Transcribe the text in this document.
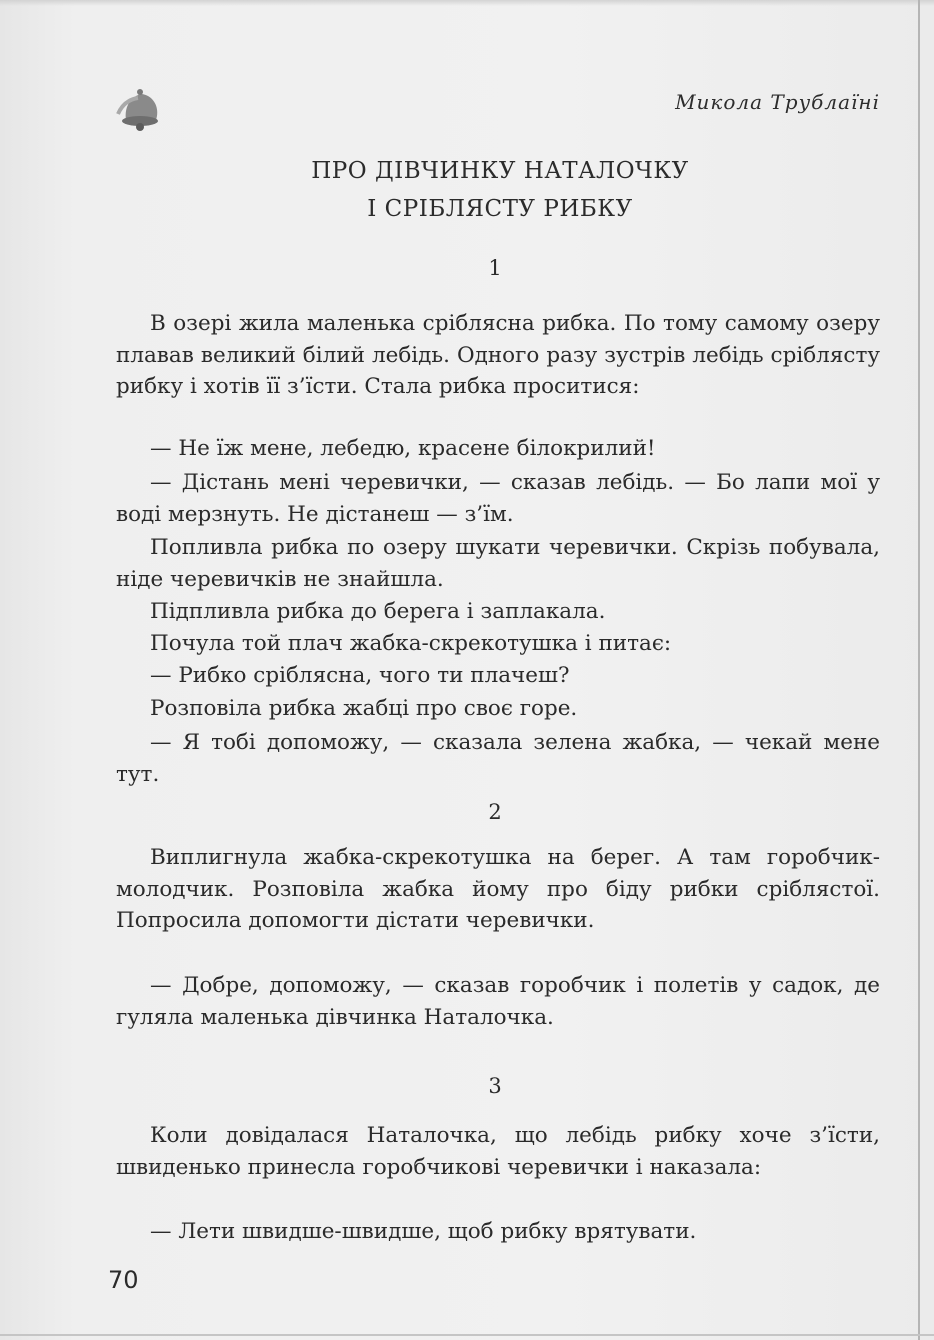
Микола Трублаїні
ПРО ДІВЧИНКУ НАТАЛОЧКУ
І СРІБЛЯСТУ РИБКУ
1
В озері жила маленька сріблясна рибка. По тому самому озеру плавав великий білий лебідь. Одного разу зустрів лебідь сріблясту рибку і хотів її з’їсти. Стала рибка проситися:
— Не їж мене, лебедю, красене білокрилий!
— Дістань мені черевички, — сказав лебідь. — Бо лапи мої у воді мерзнуть. Не дістанеш — з’їм.
Попливла рибка по озеру шукати черевички. Скрізь побувала, ніде черевичків не знайшла.
Підпливла рибка до берега і заплакала.
Почула той плач жабка-скрекотушка і питає:
— Рибко сріблясна, чого ти плачеш?
Розповіла рибка жабці про своє горе.
— Я тобі допоможу, — сказала зелена жабка, — чекай мене тут.
2
Виплигнула жабка-скрекотушка на берег. А там горобчик-молодчик. Розповіла жабка йому про біду рибки сріблястої. Попросила допомогти дістати черевички.
— Добре, допоможу, — сказав горобчик і полетів у садок, де гуляла маленька дівчинка Наталочка.
3
Коли довідалася Наталочка, що лебідь рибку хоче з’їсти, швиденько принесла горобчикові черевички і наказала:
— Лети швидше-швидше, щоб рибку врятувати.
70
